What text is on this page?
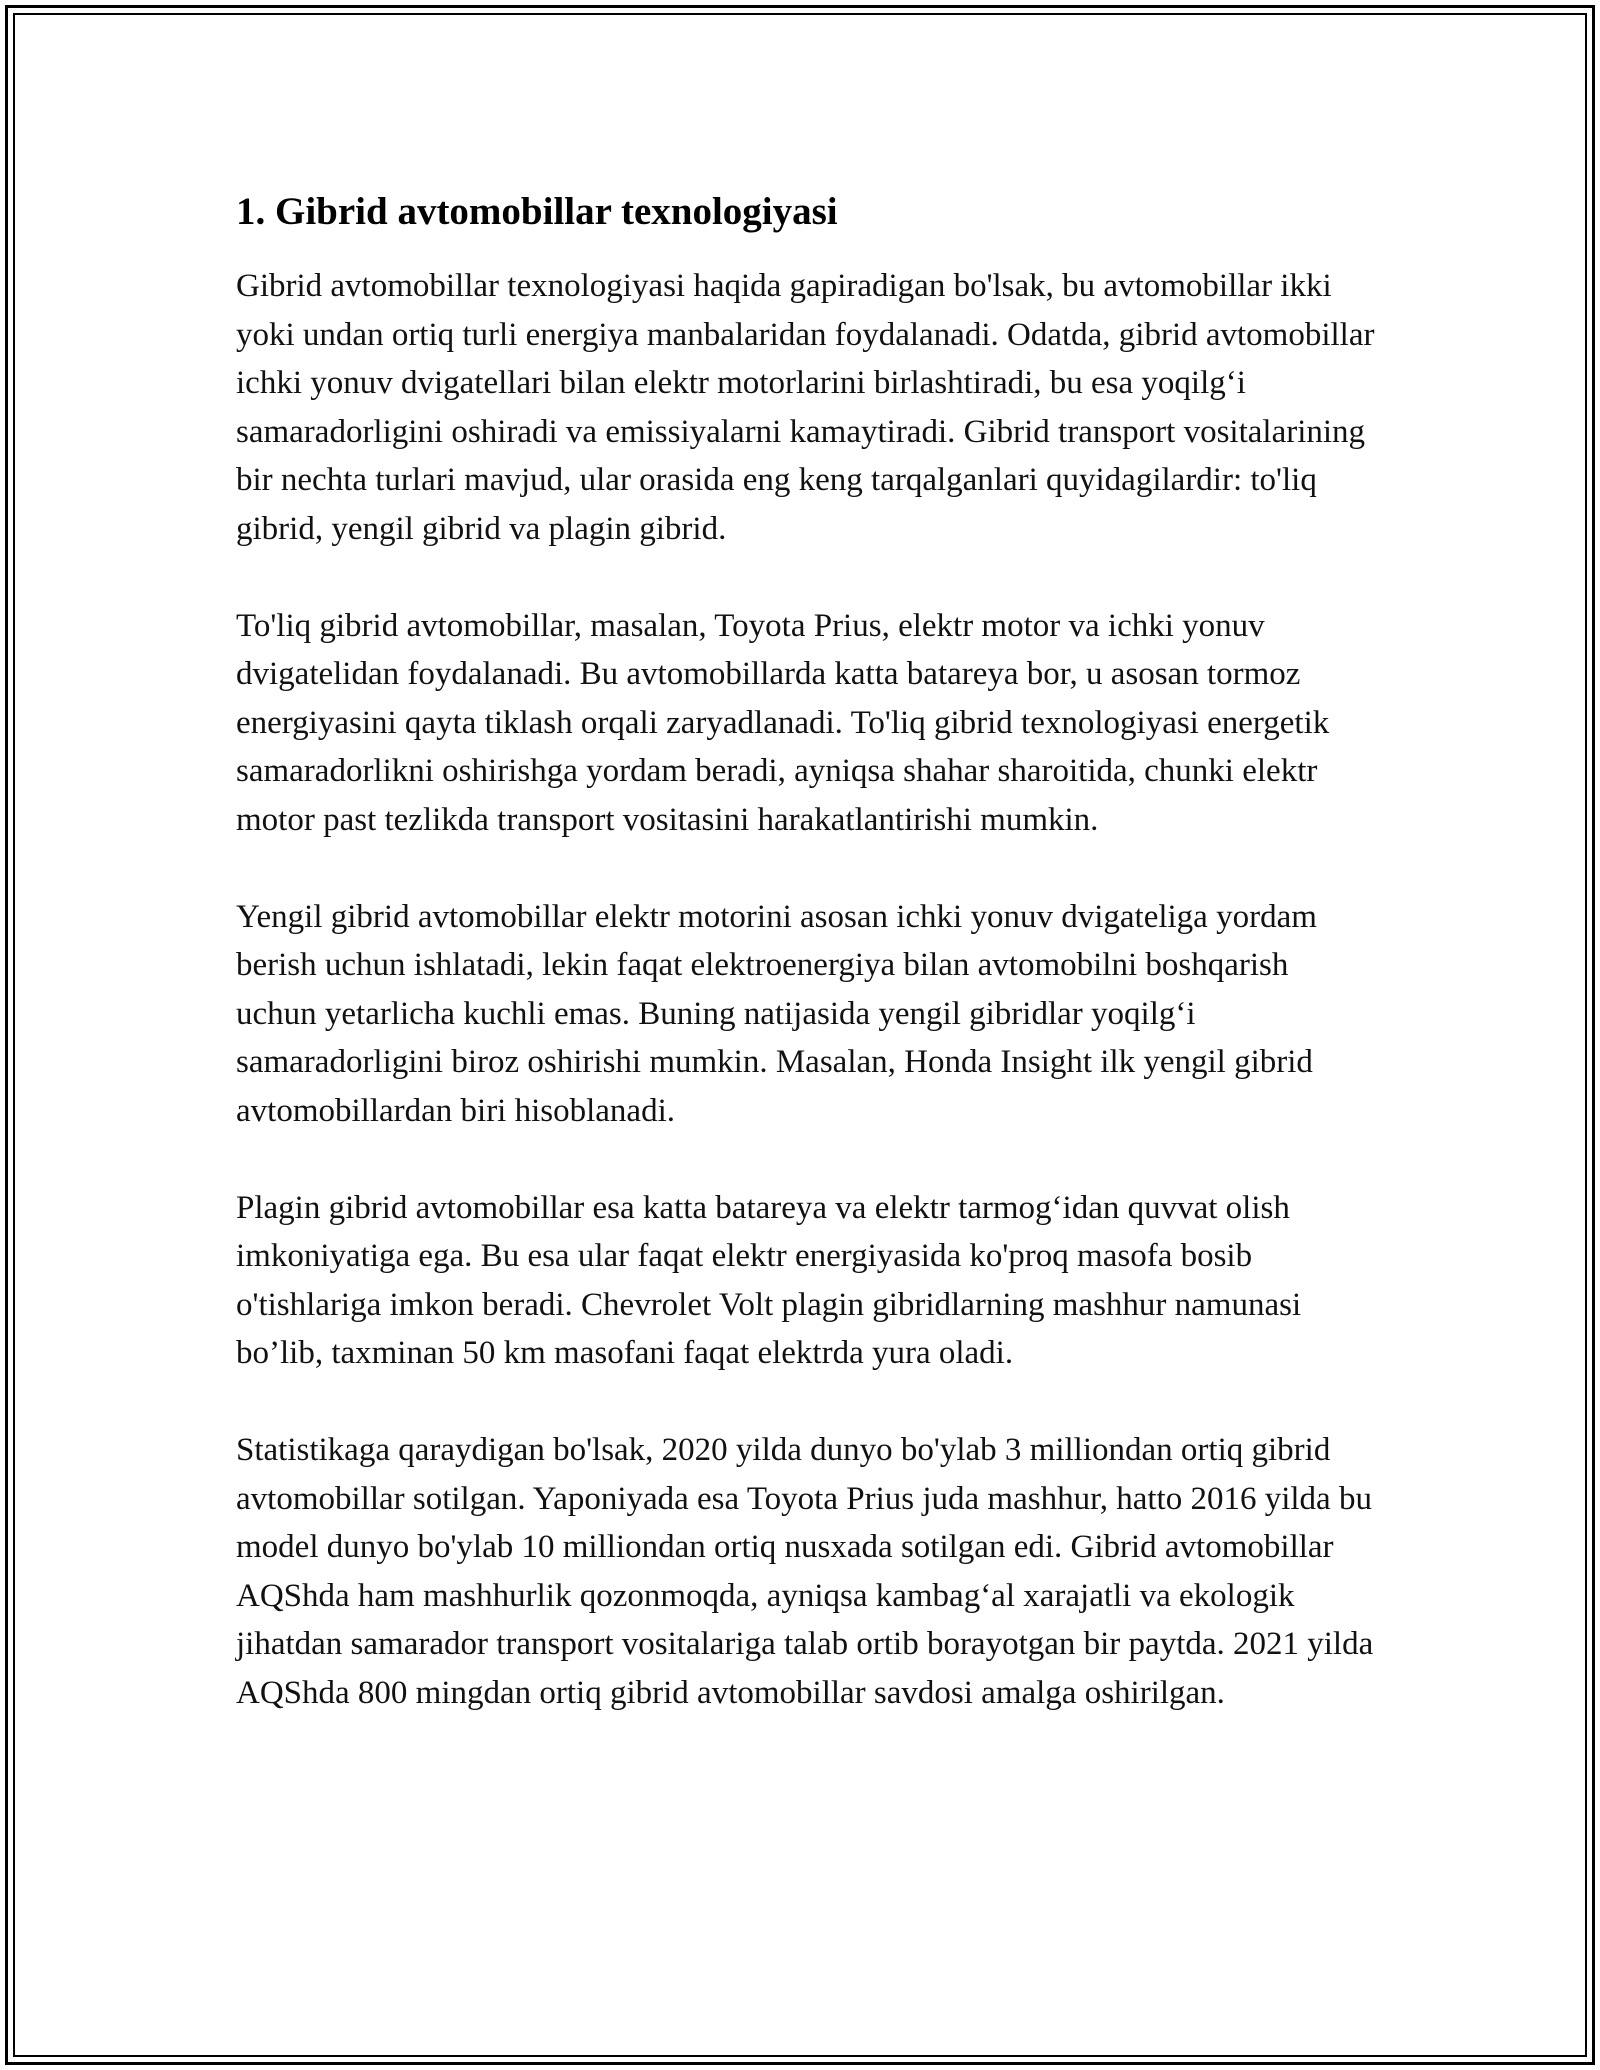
1. Gibrid avtomobillar texnologiyasi

Gibrid avtomobillar texnologiyasi haqida gapiradigan bo'lsak, bu avtomobillar ikki yoki undan ortiq turli energiya manbalaridan foydalanadi. Odatda, gibrid avtomobillar ichki yonuv dvigatellari bilan elektr motorlarini birlashtiradi, bu esa yoqilg‘i samaradorligini oshiradi va emissiyalarni kamaytiradi. Gibrid transport vositalarining bir nechta turlari mavjud, ular orasida eng keng tarqalganlari quyidagilardir: to'liq gibrid, yengil gibrid va plagin gibrid.

To'liq gibrid avtomobillar, masalan, Toyota Prius, elektr motor va ichki yonuv dvigatelidan foydalanadi. Bu avtomobillarda katta batareya bor, u asosan tormoz energiyasini qayta tiklash orqali zaryadlanadi. To'liq gibrid texnologiyasi energetik samaradorlikni oshirishga yordam beradi, ayniqsa shahar sharoitida, chunki elektr motor past tezlikda transport vositasini harakatlantirishi mumkin.

Yengil gibrid avtomobillar elektr motorini asosan ichki yonuv dvigateliga yordam berish uchun ishlatadi, lekin faqat elektroenergiya bilan avtomobilni boshqarish uchun yetarlicha kuchli emas. Buning natijasida yengil gibridlar yoqilg‘i samaradorligini biroz oshirishi mumkin. Masalan, Honda Insight ilk yengil gibrid avtomobillardan biri hisoblanadi.

Plagin gibrid avtomobillar esa katta batareya va elektr tarmog‘idan quvvat olish imkoniyatiga ega. Bu esa ular faqat elektr energiyasida ko'proq masofa bosib o'tishlariga imkon beradi. Chevrolet Volt plagin gibridlarning mashhur namunasi bo’lib, taxminan 50 km masofani faqat elektrda yura oladi.

Statistikaga qaraydigan bo'lsak, 2020 yilda dunyo bo'ylab 3 milliondan ortiq gibrid avtomobillar sotilgan. Yaponiyada esa Toyota Prius juda mashhur, hatto 2016 yilda bu model dunyo bo'ylab 10 milliondan ortiq nusxada sotilgan edi. Gibrid avtomobillar AQShda ham mashhurlik qozonmoqda, ayniqsa kambag‘al xarajatli va ekologik jihatdan samarador transport vositalariga talab ortib borayotgan bir paytda. 2021 yilda AQShda 800 mingdan ortiq gibrid avtomobillar savdosi amalga oshirilgan.
